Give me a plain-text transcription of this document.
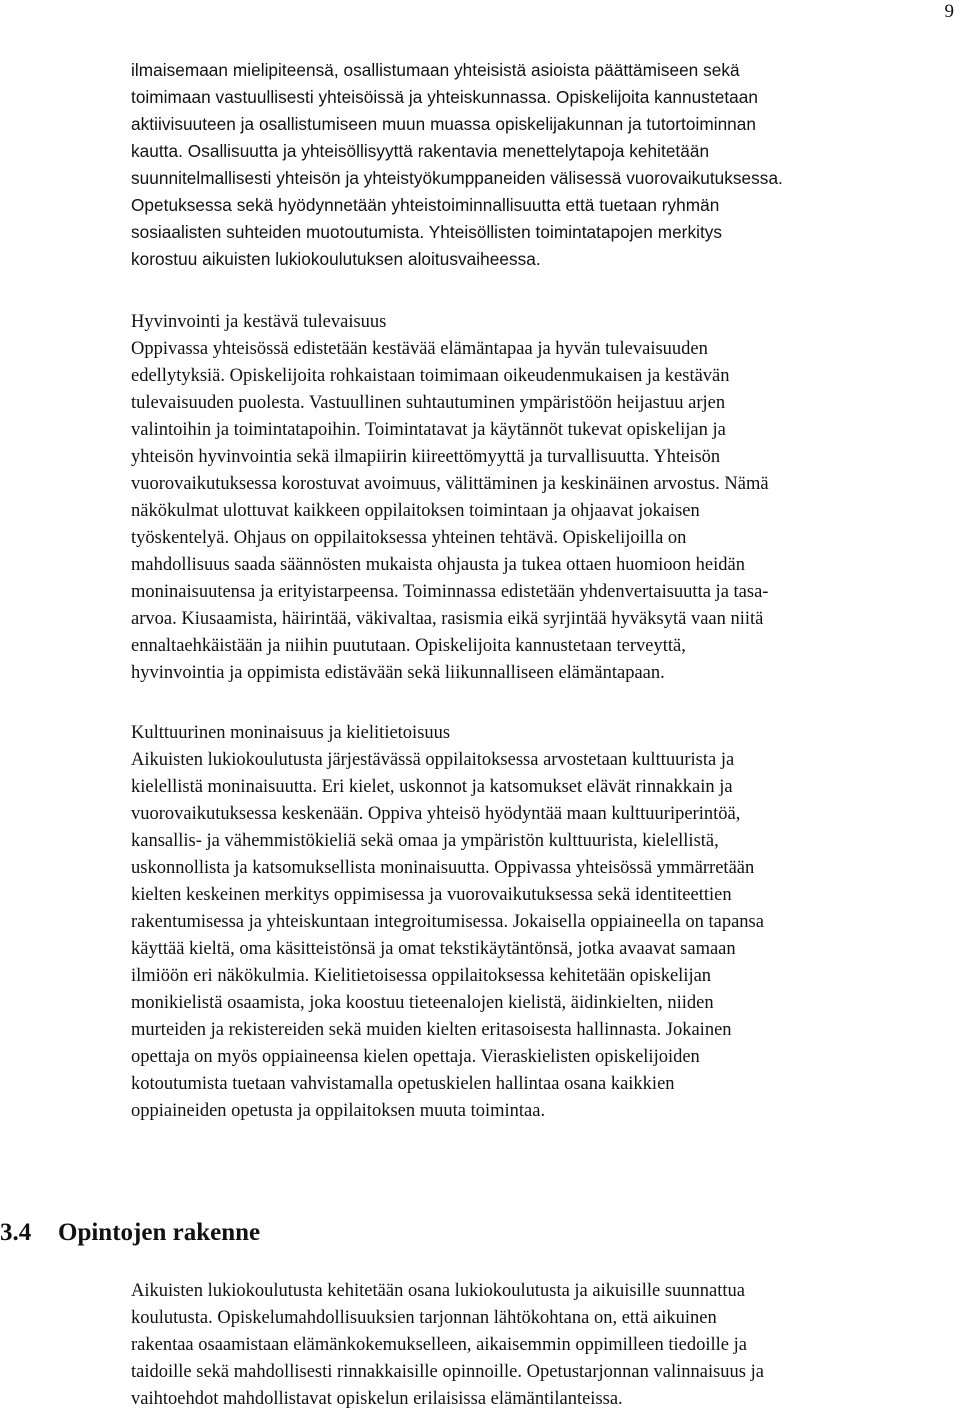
9
ilmaisemaan mielipiteensä, osallistumaan yhteisistä asioista päättämiseen sekä
toimimaan vastuullisesti yhteisöissä ja yhteiskunnassa. Opiskelijoita kannustetaan
aktiivisuuteen ja osallistumiseen muun muassa opiskelijakunnan ja tutortoiminnan
kautta. Osallisuutta ja yhteisöllisyyttä rakentavia menettelytapoja kehitetään
suunnitelmallisesti yhteisön ja yhteistyökumppaneiden välisessä vuorovaikutuksessa.
Opetuksessa sekä hyödynnetään yhteistoiminnallisuutta että tuetaan ryhmän
sosiaalisten suhteiden muotoutumista. Yhteisöllisten toimintatapojen merkitys
korostuu aikuisten lukiokoulutuksen aloitusvaiheessa.
Hyvinvointi ja kestävä tulevaisuus
Oppivassa yhteisössä edistetään kestävää elämäntapaa ja hyvän tulevaisuuden
edellytyksiä. Opiskelijoita rohkaistaan toimimaan oikeudenmukaisen ja kestävän
tulevaisuuden puolesta. Vastuullinen suhtautuminen ympäristöön heijastuu arjen
valintoihin ja toimintatapoihin. Toimintatavat ja käytännöt tukevat opiskelijan ja
yhteisön hyvinvointia sekä ilmapiirin kiireettömyyttä ja turvallisuutta. Yhteisön
vuorovaikutuksessa korostuvat avoimuus, välittäminen ja keskinäinen arvostus. Nämä
näkökulmat ulottuvat kaikkeen oppilaitoksen toimintaan ja ohjaavat jokaisen
työskentelyä. Ohjaus on oppilaitoksessa yhteinen tehtävä. Opiskelijoilla on
mahdollisuus saada säännösten mukaista ohjausta ja tukea ottaen huomioon heidän
moninaisuutensa ja erityistarpeensa. Toiminnassa edistetään yhdenvertaisuutta ja tasa-
arvoa. Kiusaamista, häirintää, väkivaltaa, rasismia eikä syrjintää hyväksytä vaan niitä
ennaltaehkäistään ja niihin puututaan. Opiskelijoita kannustetaan terveyttä,
hyvinvointia ja oppimista edistävään sekä liikunnalliseen elämäntapaan.
Kulttuurinen moninaisuus ja kielitietoisuus
Aikuisten lukiokoulutusta järjestävässä oppilaitoksessa arvostetaan kulttuurista ja
kielellistä moninaisuutta. Eri kielet, uskonnot ja katsomukset elävät rinnakkain ja
vuorovaikutuksessa keskenään. Oppiva yhteisö hyödyntää maan kulttuuriperintöä,
kansallis- ja vähemmistökieliä sekä omaa ja ympäristön kulttuurista, kielellistä,
uskonnollista ja katsomuksellista moninaisuutta. Oppivassa yhteisössä ymmärretään
kielten keskeinen merkitys oppimisessa ja vuorovaikutuksessa sekä identiteettien
rakentumisessa ja yhteiskuntaan integroitumisessa. Jokaisella oppiaineella on tapansa
käyttää kieltä, oma käsitteistönsä ja omat tekstikäytäntönsä, jotka avaavat samaan
ilmiöön eri näkökulmia. Kielitietoisessa oppilaitoksessa kehitetään opiskelijan
monikielistä osaamista, joka koostuu tieteenalojen kielistä, äidinkielten, niiden
murteiden ja rekistereiden sekä muiden kielten eritasoisesta hallinnasta. Jokainen
opettaja on myös oppiaineensa kielen opettaja. Vieraskielisten opiskelijoiden
kotoutumista tuetaan vahvistamalla opetuskielen hallintaa osana kaikkien
oppiaineiden opetusta ja oppilaitoksen muuta toimintaa.
3.4 Opintojen rakenne
Aikuisten lukiokoulutusta kehitetään osana lukiokoulutusta ja aikuisille suunnattua
koulutusta. Opiskelumahdollisuuksien tarjonnan lähtökohtana on, että aikuinen
rakentaa osaamistaan elämänkokemukselleen, aikaisemmin oppimilleen tiedoille ja
taidoille sekä mahdollisesti rinnakkaisille opinnoille. Opetustarjonnan valinnaisuus ja
vaihtoehdot mahdollistavat opiskelun erilaisissa elämäntilanteissa.
